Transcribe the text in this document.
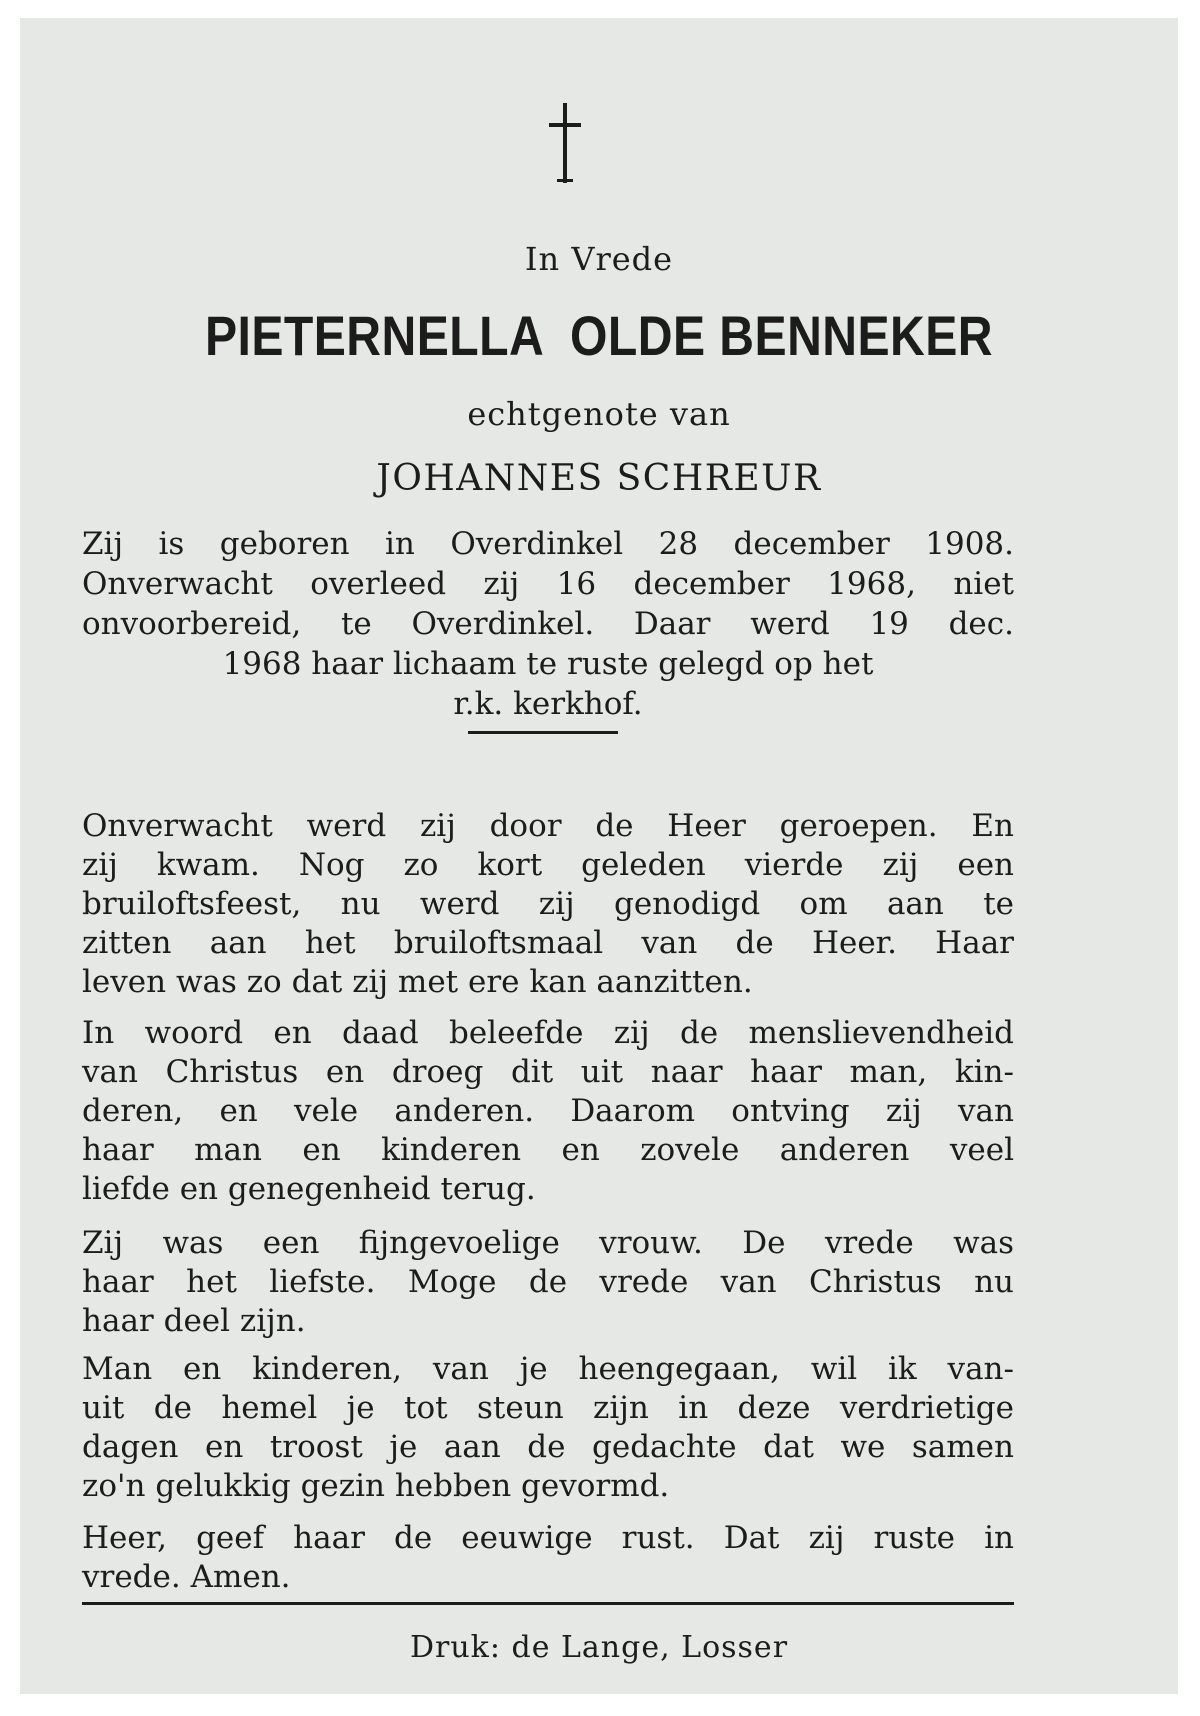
In Vrede
PIETERNELLA  OLDE BENNEKER
echtgenote van
JOHANNES SCHREUR
Zij is geboren in Overdinkel 28 december 1908.
Onverwacht overleed zij 16 december 1968, niet
onvoorbereid, te Overdinkel. Daar werd 19 dec.
1968 haar lichaam te ruste gelegd op het
r.k. kerkhof.
Onverwacht werd zij door de Heer geroepen. En
zij kwam. Nog zo kort geleden vierde zij een
bruiloftsfeest, nu werd zij genodigd om aan te
zitten aan het bruiloftsmaal van de Heer. Haar
leven was zo dat zij met ere kan aanzitten.
In woord en daad beleefde zij de menslievendheid
van Christus en droeg dit uit naar haar man, kin-
deren, en vele anderen. Daarom ontving zij van
haar man en kinderen en zovele anderen veel
liefde en genegenheid terug.
Zij was een fijngevoelige vrouw. De vrede was
haar het liefste. Moge de vrede van Christus nu
haar deel zijn.
Man en kinderen, van je heengegaan, wil ik van-
uit de hemel je tot steun zijn in deze verdrietige
dagen en troost je aan de gedachte dat we samen
zo'n gelukkig gezin hebben gevormd.
Heer, geef haar de eeuwige rust. Dat zij ruste in
vrede. Amen.
Druk: de Lange, Losser
